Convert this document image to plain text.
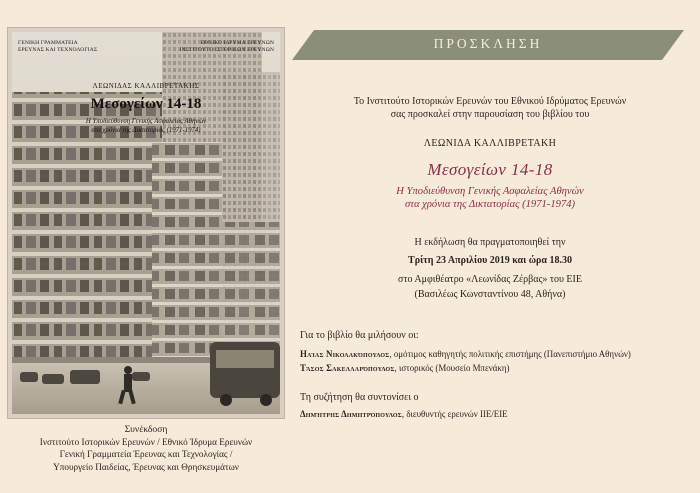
ΓΕΝΙΚΗ ΓΡΑΜΜΑΤΕΙΑ
ΕΡΕΥΝΑΣ ΚΑΙ ΤΕΧΝΟΛΟΓΙΑΣ
ΕΘΝΙΚΟ ΙΔΡΥΜΑ ΕΡΕΥΝΩΝ
ΙΝΣΤΙΤΟΥΤΟ ΙΣΤΟΡΙΚΩΝ ΕΡΕΥΝΩΝ
ΛΕΩΝΙΔΑΣ ΚΑΛΛΙΒΡΕΤΑΚΗΣ
Μεσογείων 14-18
Η Υποδιεύθυνση Γενικής Ασφαλείας Αθηνών
στα χρόνια της Δικτατορίας (1971-1974)
Συνέκδοση
Ινστιτούτο Ιστορικών Ερευνών / Εθνικό Ίδρυμα Ερευνών
Γενική Γραμματεία Έρευνας και Τεχνολογίας /
Υπουργείο Παιδείας, Έρευνας και Θρησκευμάτων
ΠΡΟΣΚΛΗΣΗ
Το Ινστιτούτο Ιστορικών Ερευνών του Εθνικού Ιδρύματος Ερευνών
σας προσκαλεί στην παρουσίαση του βιβλίου του
ΛΕΩΝΙΔΑ ΚΑΛΛΙΒΡΕΤΑΚΗ
Μεσογείων 14-18
Η Υποδιεύθυνση Γενικής Ασφαλείας Αθηνών
στα χρόνια της Δικτατορίας (1971-1974)
Η εκδήλωση θα πραγματοποιηθεί την
Τρίτη 23 Απριλίου 2019 και ώρα 18.30
στο Αμφιθέατρο «Λεωνίδας Ζέρβας» του ΕΙΕ
(Βασιλέως Κωνσταντίνου 48, Αθήνα)
Για το βιβλίο θα μιλήσουν οι:
Ηλίας Νικολακόπουλος, ομότιμος καθηγητής πολιτικής επιστήμης (Πανεπιστήμιο Αθηνών)
Τάσος Σακελλαρόπουλος, ιστορικός (Μουσείο Μπενάκη)
Τη συζήτηση θα συντονίσει ο
Δημήτρης Δημητρόπουλος, διευθυντής ερευνών ΙΙΕ/ΕΙΕ
